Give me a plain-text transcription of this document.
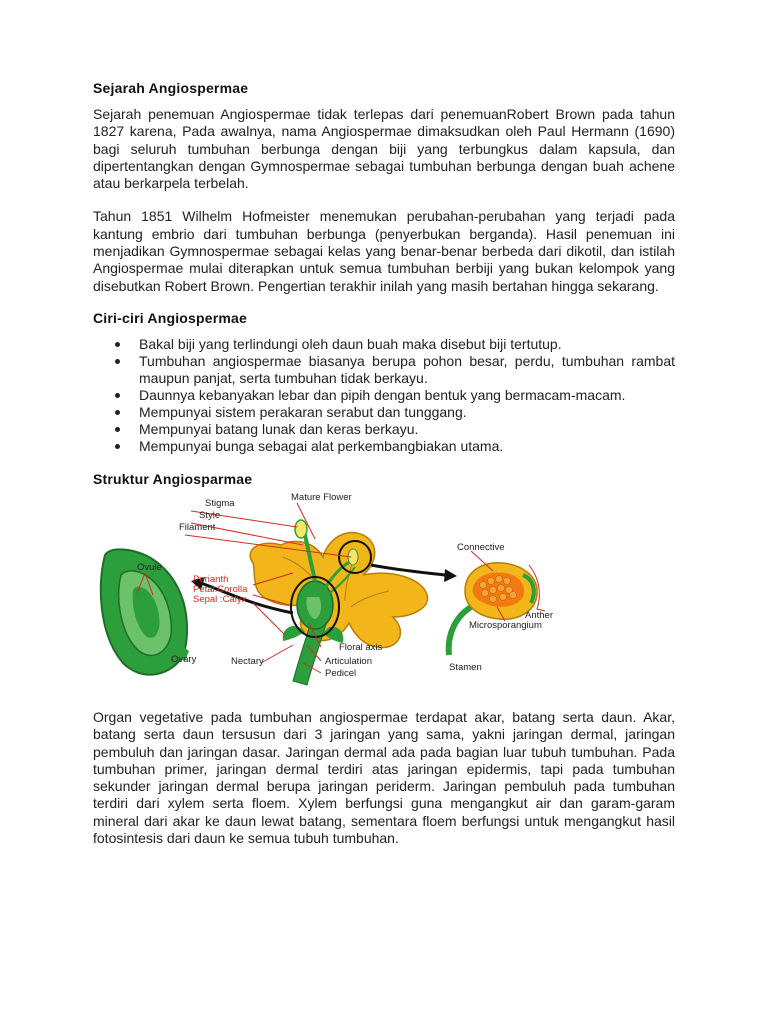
Sejarah Angiospermae

Sejarah penemuan Angiospermae tidak terlepas dari penemuanRobert Brown pada tahun 1827 karena, Pada awalnya, nama Angiospermae dimaksudkan oleh Paul Hermann (1690) bagi seluruh tumbuhan berbunga dengan biji yang terbungkus dalam kapsula, dan dipertentangkan dengan Gymnospermae sebagai tumbuhan berbunga dengan buah achene atau berkarpela terbelah.

Tahun 1851 Wilhelm Hofmeister menemukan perubahan-perubahan yang terjadi pada kantung embrio dari tumbuhan berbunga (penyerbukan berganda). Hasil penemuan ini menjadikan Gymnospermae sebagai kelas yang benar-benar berbeda dari dikotil, dan istilah Angiospermae mulai diterapkan untuk semua tumbuhan berbiji yang bukan kelompok yang disebutkan Robert Brown. Pengertian terakhir inilah yang masih bertahan hingga sekarang.

Ciri-ciri Angiospermae
Bakal biji yang terlindungi oleh daun buah maka disebut biji tertutup.
Tumbuhan angiospermae biasanya berupa pohon besar, perdu, tumbuhan rambat maupun panjat, serta tumbuhan tidak berkayu.
Daunnya kebanyakan lebar dan pipih dengan bentuk yang bermacam-macam.
Mempunyai sistem perakaran serabut dan tunggang.
Mempunyai batang lunak dan keras berkayu.
Mempunyai bunga sebagai alat perkembangbiakan utama.
Struktur Angiosparmae
Stigma
Style
Filament
Mature Flower
Ovule
Perianth
Petal:Corolla
Sepal :Calyx
Connective
Anther
Microsporangium
Floral axis
Articulation
Pedicel
Ovary	Nectary
Stamen

Organ vegetative pada tumbuhan angiospermae terdapat akar, batang serta daun. Akar, batang serta daun tersusun dari 3 jaringan yang sama, yakni jaringan dermal, jaringan pembuluh dan jaringan dasar. Jaringan dermal ada pada bagian luar tubuh tumbuhan. Pada tumbuhan primer, jaringan dermal terdiri atas jaringan epidermis, tapi pada tumbuhan sekunder jaringan dermal berupa jaringan periderm. Jaringan pembuluh pada tumbuhan terdiri dari xylem serta floem. Xylem berfungsi guna mengangkut air dan garam-garam mineral dari akar ke daun lewat batang, sementara floem berfungsi untuk mengangkut hasil fotosintesis dari daun ke semua tubuh tumbuhan.
